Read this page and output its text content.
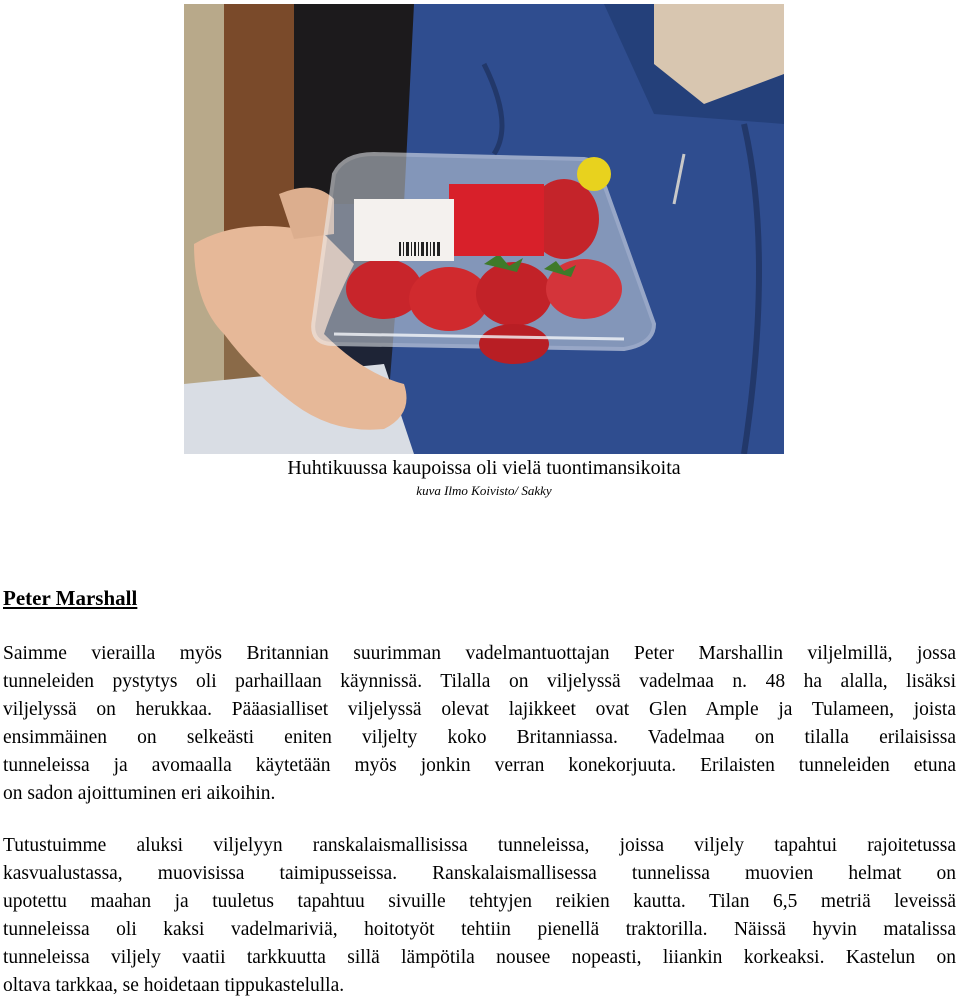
Huhtikuussa kaupoissa oli vielä tuontimansikoita
kuva Ilmo Koivisto/ Sakky
Peter Marshall
Saimme vierailla myös Britannian suurimman vadelmantuottajan Peter Marshallin viljelmillä, jossa
tunneleiden pystytys oli parhaillaan käynnissä. Tilalla on viljelyssä vadelmaa n. 48 ha alalla, lisäksi
viljelyssä on herukkaa. Pääasialliset viljelyssä olevat lajikkeet ovat Glen Ample ja Tulameen, joista
ensimmäinen on selkeästi eniten viljelty koko Britanniassa. Vadelmaa on tilalla erilaisissa
tunneleissa ja avomaalla käytetään myös jonkin verran konekorjuuta. Erilaisten tunneleiden etuna
on sadon ajoittuminen eri aikoihin.
Tutustuimme aluksi viljelyyn ranskalaismallisissa tunneleissa, joissa viljely tapahtui rajoitetussa
kasvualustassa, muovisissa taimipusseissa. Ranskalaismallisessa tunnelissa muovien helmat on
upotettu maahan ja tuuletus tapahtuu sivuille tehtyjen reikien kautta. Tilan 6,5 metriä leveissä
tunneleissa oli kaksi vadelmariviä, hoitotyöt tehtiin pienellä traktorilla. Näissä hyvin matalissa
tunneleissa viljely vaatii tarkkuutta sillä lämpötila nousee nopeasti, liiankin korkeaksi. Kastelun on
oltava tarkkaa, se hoidetaan tippukastelulla.
